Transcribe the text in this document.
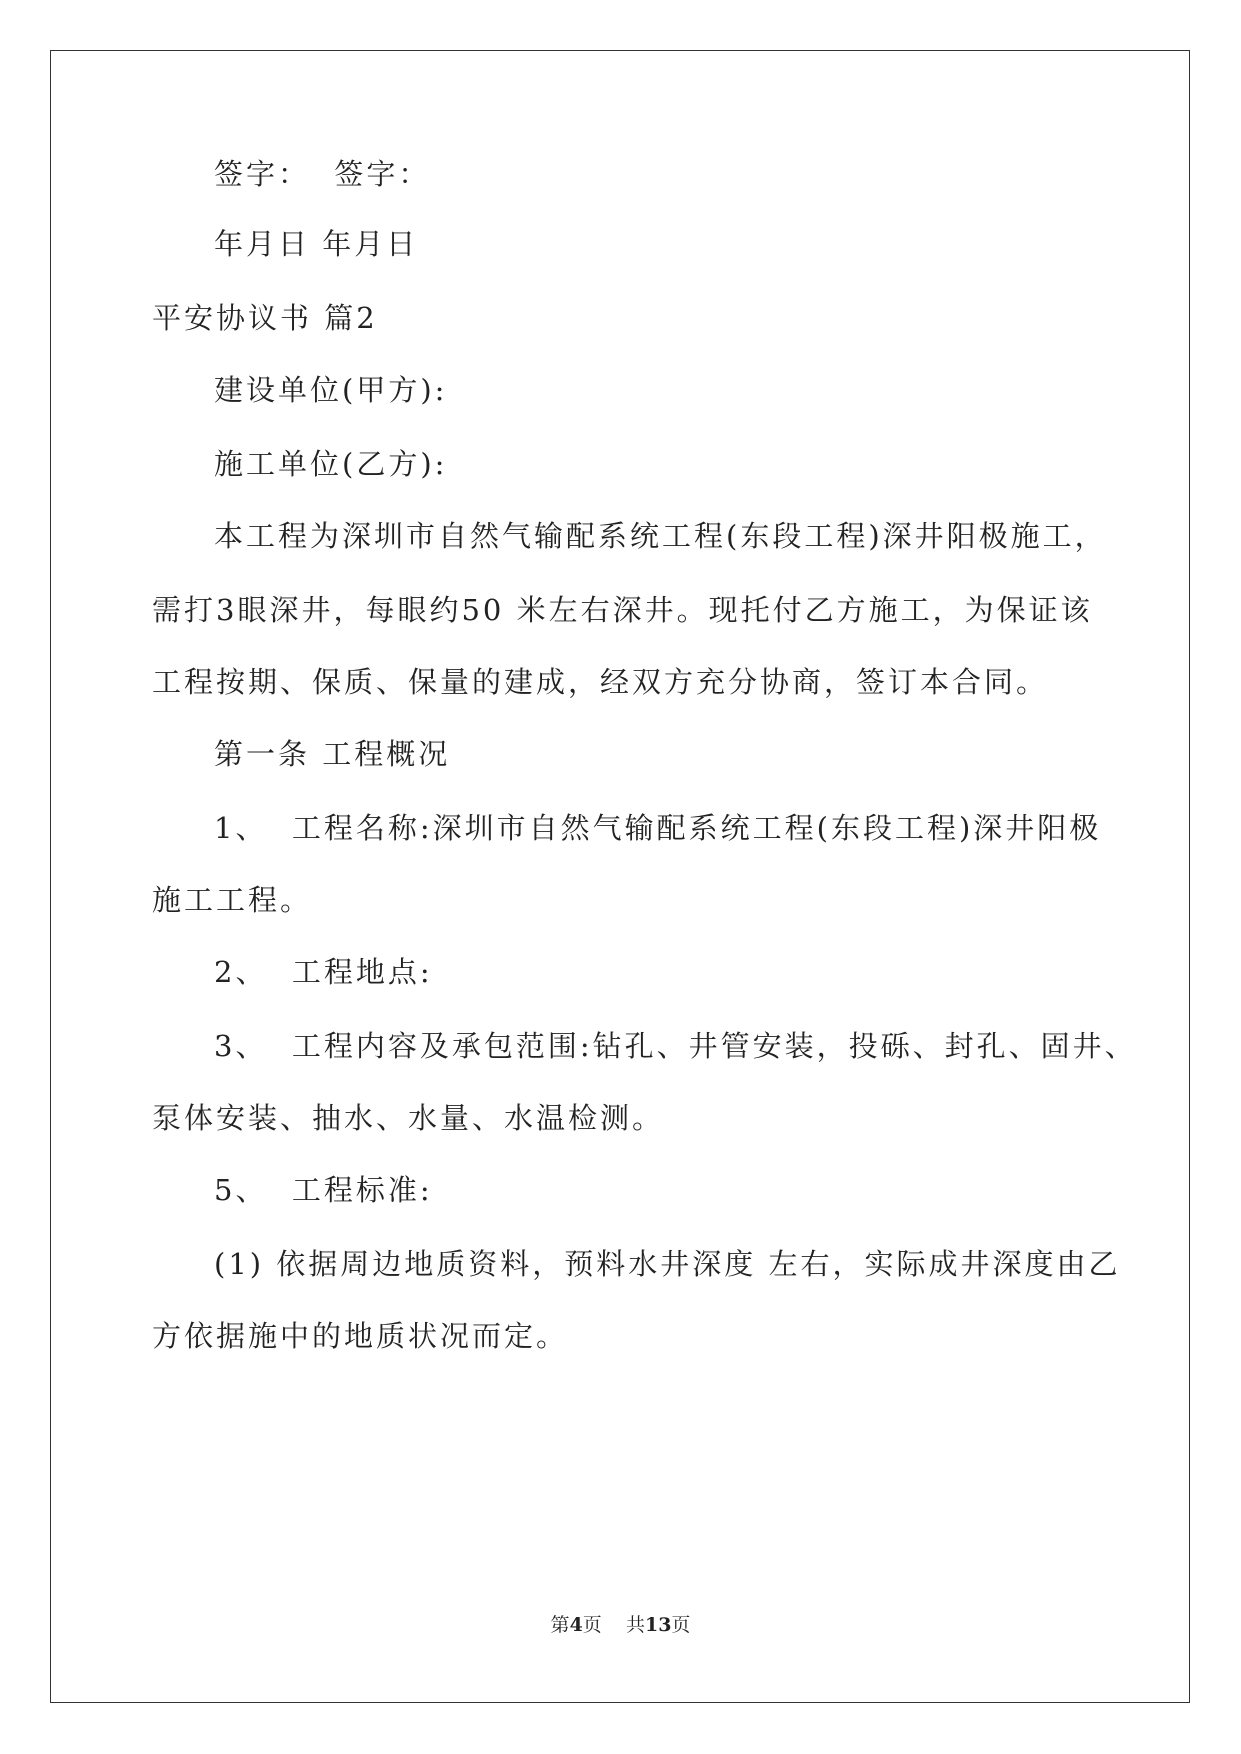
签字：  签字：
年月日 年月日
平安协议书 篇2
建设单位(甲方):
施工单位(乙方):
本工程为深圳市自然气输配系统工程(东段工程)深井阳极施工，
需打3眼深井，每眼约50 米左右深井。现托付乙方施工，为保证该
工程按期、保质、保量的建成，经双方充分协商，签订本合同。
第一条 工程概况
1、  工程名称:深圳市自然气输配系统工程(东段工程)深井阳极
施工工程。
2、  工程地点:
3、  工程内容及承包范围:钻孔、井管安装，投砾、封孔、固井、
泵体安装、抽水、水量、水温检测。
5、  工程标准:
(1) 依据周边地质资料，预料水井深度 左右，实际成井深度由乙
方依据施中的地质状况而定。
第4页    共13页
